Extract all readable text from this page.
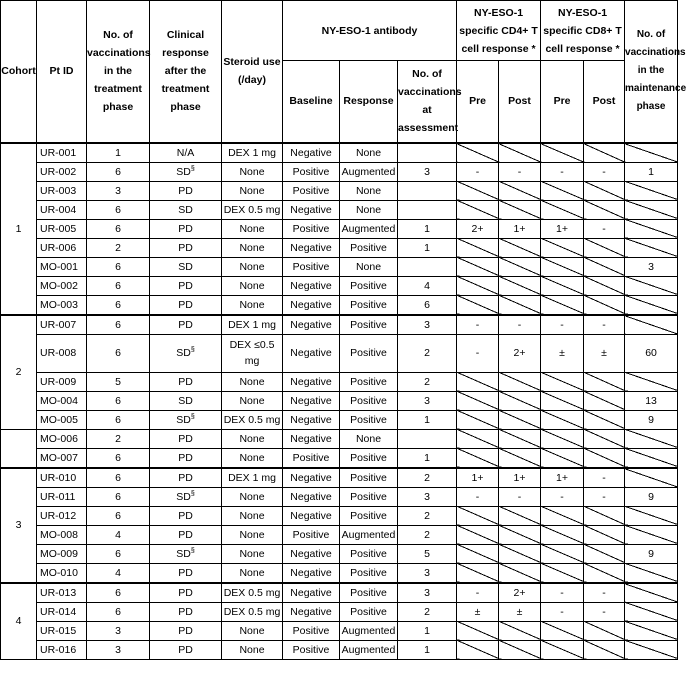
Cohort	Pt ID	No. of vaccinations in the treatment phase	Clinical response after the treatment phase	Steroid use (/day)	NY-ESO-1 antibody			NY-ESO-1 specific CD4+ T cell response *		NY-ESO-1 specific CD8+ T cell response *		No. of vaccinations in the maintenance phase
					Baseline	Response	No. of vaccinations at assessment	Pre	Post	Pre	Post	
1	UR-001	1	N/A	DEX 1 mg	Negative	None						
	UR-002	6	SD§	None	Positive	Augmented	3	-	-	-	-	1
	UR-003	3	PD	None	Positive	None						
	UR-004	6	SD	DEX 0.5 mg	Negative	None						
	UR-005	6	PD	None	Positive	Augmented	1	2+	1+	1+	-	
	UR-006	2	PD	None	Negative	Positive	1					
	MO-001	6	SD	None	Positive	None						3
	MO-002	6	PD	None	Negative	Positive	4					
	MO-003	6	PD	None	Negative	Positive	6					
2	UR-007	6	PD	DEX 1 mg	Negative	Positive	3	-	-	-	-	
	UR-008	6	SD§	DEX ≤0.5 mg	Negative	Positive	2	-	2+	±	±	60
	UR-009	5	PD	None	Negative	Positive	2					
	MO-004	6	SD	None	Negative	Positive	3					13
	MO-005	6	SD§	DEX 0.5 mg	Negative	Positive	1					9
	MO-006	2	PD	None	Negative	None						
	MO-007	6	PD	None	Positive	Positive	1					
3	UR-010	6	PD	DEX 1 mg	Negative	Positive	2	1+	1+	1+	-	
	UR-011	6	SD§	None	Negative	Positive	3	-	-	-	-	9
	UR-012	6	PD	None	Negative	Positive	2					
	MO-008	4	PD	None	Positive	Augmented	2					
	MO-009	6	SD§	None	Negative	Positive	5					9
	MO-010	4	PD	None	Negative	Positive	3					
4	UR-013	6	PD	DEX 0.5 mg	Negative	Positive	3	-	2+	-	-	
	UR-014	6	PD	DEX 0.5 mg	Negative	Positive	2	±	±	-	-	
	UR-015	3	PD	None	Positive	Augmented	1					
	UR-016	3	PD	None	Positive	Augmented	1					
